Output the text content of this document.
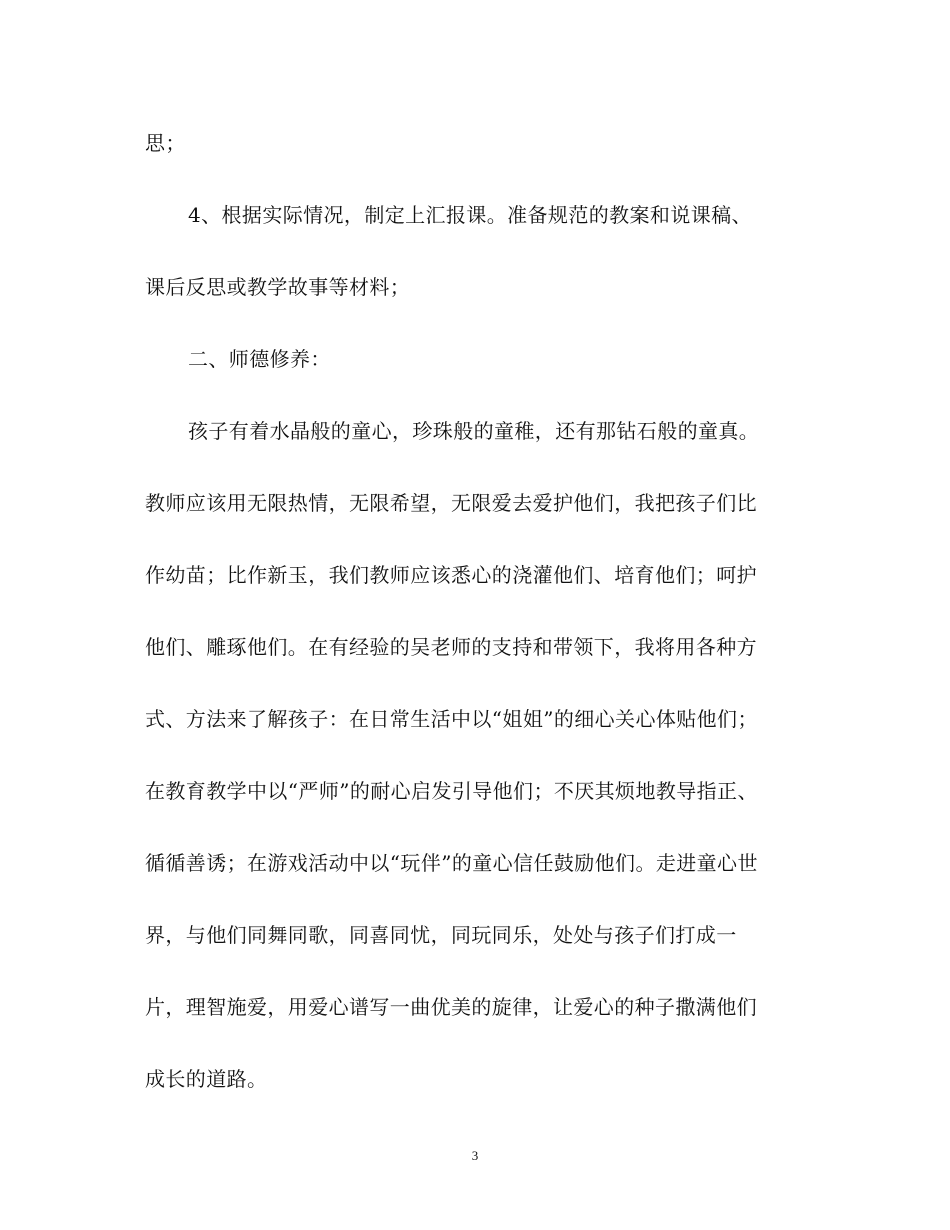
思；
4、根据实际情况，制定上汇报课。准备规范的教案和说课稿、
课后反思或教学故事等材料；
二、师德修养：
孩子有着水晶般的童心，珍珠般的童稚，还有那钻石般的童真。
教师应该用无限热情，无限希望，无限爱去爱护他们，我把孩子们比
作幼苗；比作新玉，我们教师应该悉心的浇灌他们、培育他们；呵护
他们、雕琢他们。在有经验的吴老师的支持和带领下，我将用各种方
式、方法来了解孩子：在日常生活中以“姐姐”的细心关心体贴他们；
在教育教学中以“严师”的耐心启发引导他们；不厌其烦地教导指正、
循循善诱；在游戏活动中以“玩伴”的童心信任鼓励他们。走进童心世
界，与他们同舞同歌，同喜同忧，同玩同乐，处处与孩子们打成一
片，理智施爱，用爱心谱写一曲优美的旋律，让爱心的种子撒满他们
成长的道路。
3
